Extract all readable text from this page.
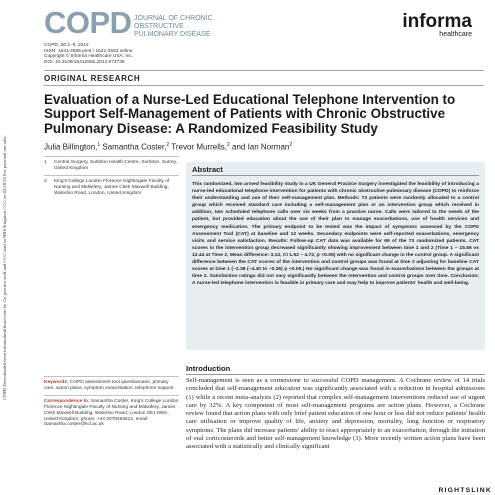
COPD Downloaded from informahealthcare.com by Gr/ practice staff and CCG staff in NHS Kingston CCG on 02/18/15 For personal use only.
COPD JOURNAL OF CHRONIC OBSTRUCTIVE
PULMONARY DISEASE
informa
healthcare
COPD, 00:1–9, 2014
ISSN: 1541-2555 print / 1541-2563 online
Copyright © Informa Healthcare USA, Inc.
DOI: 10.3109/15412555.2014.974735
ORIGINAL RESEARCH
Evaluation of a Nurse-Led Educational Telephone Intervention to Support Self-Management of Patients with Chronic Obstructive Pulmonary Disease: A Randomized Feasibility Study
Julia Billington,$^1$ Samantha Coster,$^2$ Trevor Murrells,$^2$ and Ian Norman$^2$
1	Central Surgery, Surbiton Health Centre, Surbiton, Surrey, United Kingdom
2	King's College London Florence Nightingale Faculty of Nursing and Midwifery, James Clerk Maxwell Building, Waterloo Road, London, United Kingdom
Abstract
This randomized, two armed feasibility study in a UK General Practice Surgery investigated the feasibility of introducing a nurse-led educational telephone intervention for patients with chronic obstructive pulmonary disease (COPD) to reinforce their understanding and use of their self-management plan. Methods: 73 patients were randomly allocated to a control group which received standard care including a self-management plan or an intervention group which received in addition, two scheduled telephone calls over six weeks from a practice nurse. Calls were tailored to the needs of the patient, but provided education about the use of their plan to manage exacerbations, use of health services and emergency medication. The primary endpoint to be tested was the impact of symptoms assessed by the COPD Assessment Tool (CAT) at baseline and 12 weeks. Secondary endpoints were self-reported exacerbations, emergency visits and service satisfaction. Results: Follow-up CAT data was available for 69 of the 73 randomized patients. CAT scores in the intervention group decreased significantly showing improvement between time 1 and 2 (Time 1 – 15.56 vs 12.44 at Time 2, Mean difference: 3.12, CI 1.52 – 4.72, p <0.05) with no significant change in the control group. A significant difference between the CAT scores of the intervention and control groups was found at time 2 adjusting for baseline CAT scores at time 1 (–2.38 (–4.40 to –0.36) p <0.05.) No significant change was found in exacerbations between the groups at time 2. Satisfaction ratings did not vary significantly between the intervention and control groups over time. Conclusion: A nurse-led telephone intervention is feasible in primary care and may help to improve patients' health and well-being.
Keywords: COPD assessment tool questionnaire, primary care, action plans, symptom exacerbation, telephone support
Correspondence to: Samantha Coster, King's College London Florence Nightingale Faculty of Nursing and Midwifery, James Clerk Maxwell Building, Waterloo Road, London SE1 8WA, United Kingdom, phone: +44 2078483513, email: Samantha.coster@kcl.ac.uk
Introduction
Self-management is seen as a cornerstone to successful COPD management. A Cochrane review of 14 trials concluded that self-management education was significantly associated with a reduction in hospital admissions (1) while a recent meta-analysis (2) reported that complex self-management interventions reduced use of urgent care by 32%. A key component of most self-management programs are action plans. However, a Cochrane review found that action plans with only brief patient education of one hour or less did not reduce patients' health care utilisation or improve quality of life, anxiety and depression, mortality, lung function or respiratory symptoms. The plans did increase patients' ability to react appropriately to an exacerbation, through the initiation of oral corticosteroids and better self-management knowledge (3). More recently written action plans have been associated with a statistically and clinically significant
RIGHTSLINK
